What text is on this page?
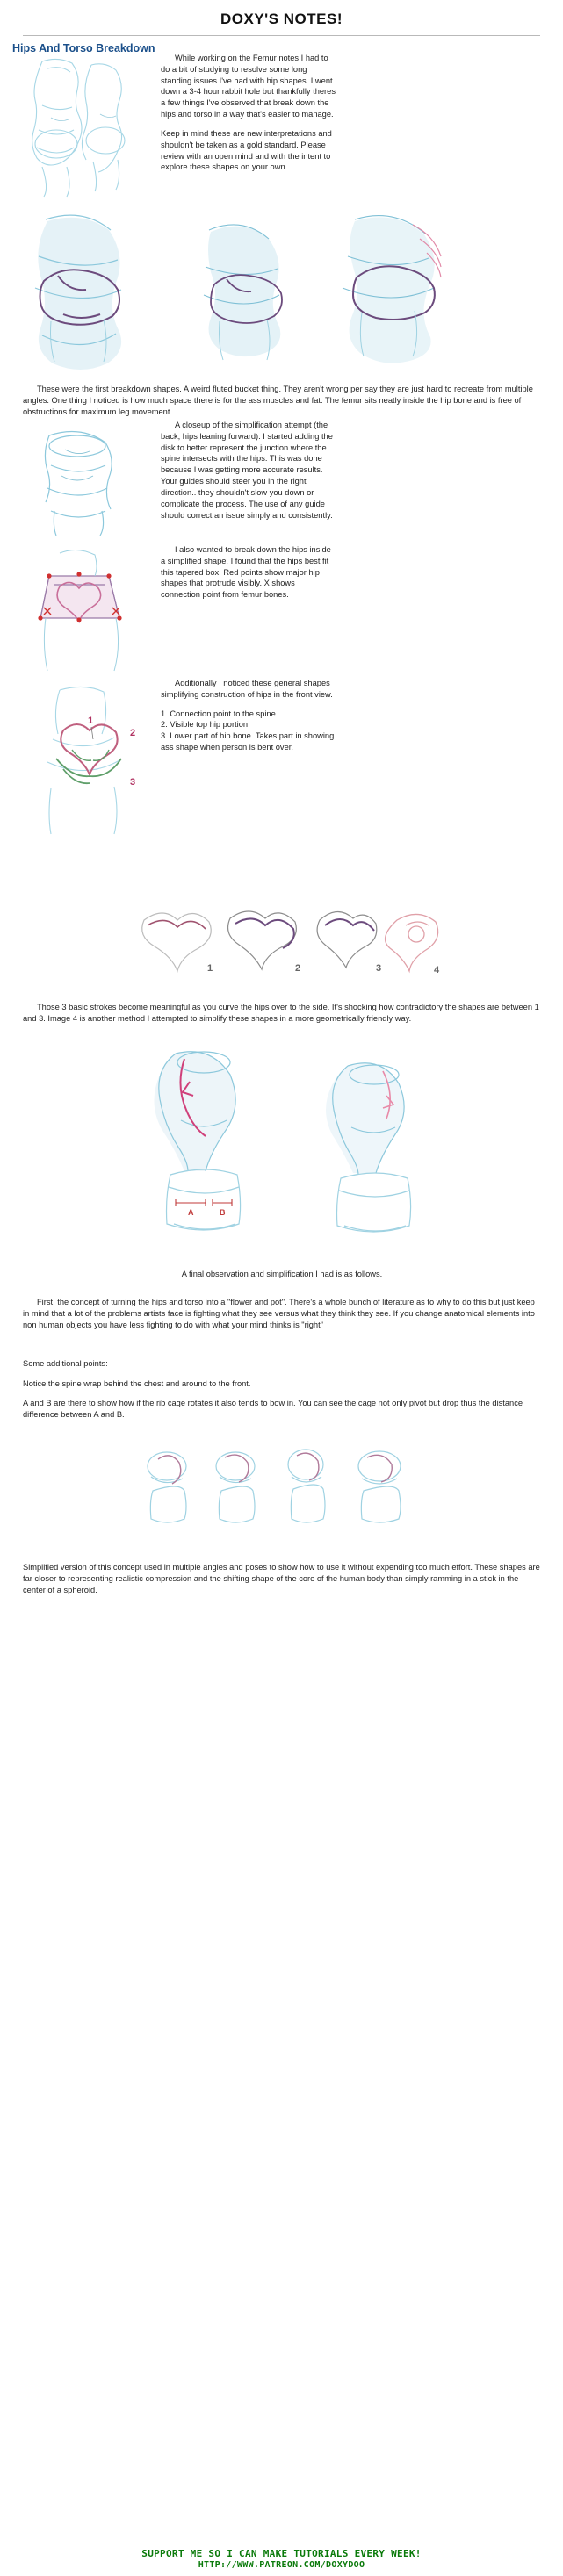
DOXY'S NOTES!
Hips And Torso Breakdown

While working on the Femur notes I had to do a bit of studying to resolve some long standing issues I've had with hip shapes. I went down a 3-4 hour rabbit hole but thankfully theres a few things I've observed that break down the hips and torso in a way that's easier to manage.

Keep in mind these are new interpretations and shouldn't be taken as a gold standard. Please review with an open mind and with the intent to explore these shapes on your own.

These were the first breakdown shapes. A weird fluted bucket thing. They aren't wrong per say they are just hard to recreate from multiple angles. One thing I noticed is how much space there is for the ass muscles and fat. The femur sits neatly inside the hip bone and is free of obstructions for maximum leg movement.

A closeup of the simplification attempt (the back, hips leaning forward). I started adding the disk to better represent the junction where the spine intersects with the hips. This was done because I was getting more accurate results. Your guides should steer you in the right direction.. they shouldn't slow you down or complicate the process. The use of any guide should correct an issue simply and consistently.

I also wanted to break down the hips inside a simplified shape. I found that the hips best fit this tapered box. Red points show major hip shapes that protrude visibly. X shows connection point from femur bones.

1
2
3

Additionally I noticed these general shapes simplifying construction of hips in the front view.

1. Connection point to the spine

2. Visible top hip portion

3. Lower part of hip bone. Takes part in showing ass shape when person is bent over.

1	2	3	4

Those 3 basic strokes become meaningful as you curve the hips over to the side. It's shocking how contradictory the shapes are between 1 and 3. Image 4 is another method I attempted to simplify these shapes in a more geometrically friendly way.

A	B

A final observation and simplification I had is as follows.

First, the concept of turning the hips and torso into a "flower and pot". There's a whole bunch of literature as to why to do this but just keep in mind that a lot of the problems artists face is fighting what they see versus what they think they see. If you change anatomical elements into non human objects you have less fighting to do with what your mind thinks is "right"

Some additional points:

Notice the spine wrap behind the chest and around to the front.

A and B are there to show how if the rib cage rotates it also tends to bow in. You can see the cage not only pivot but drop thus the distance difference between A and B.

Simplified version of this concept used in multiple angles and poses to show how to use it without expending too much effort. These shapes are far closer to representing realistic compression and the shifting shape of the core of the human body than simply ramming in a stick in the center of a spheroid.

SUPPORT ME SO I CAN MAKE TUTORIALS EVERY WEEK!
HTTP://WWW.PATREON.COM/DOXYDOO
